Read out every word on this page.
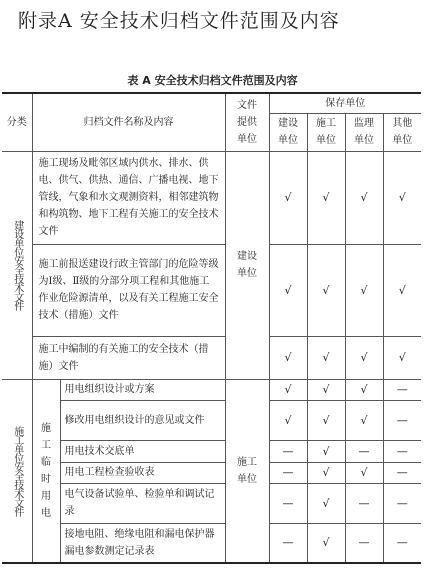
附录A 安全技术归档文件范围及内容
表 A 安全技术归档文件范围及内容
分类	归档文件名称及内容		文件提供单位	保存单位			
				建设单位	施工单位	监理单位	其他单位

建设单位安全技术文件	施工现场及毗邻区域内供水、排水、供电、供气、供热、通信、广播电视、地下管线，气象和水文观测资料，相邻建筑物和构筑物、地下工程有关施工的安全技术文件		建设单位	√	√	√	√
	施工前报送建设行政主管部门的危险等级为Ⅰ级、Ⅱ级的分部分项工程和其他施工作业危险源清单，以及有关工程施工安全技术（措施）文件			√	√	√	√
	施工中编制的有关施工的安全技术（措施）文件			√	√	√	√

施工单位安全技术文件	施工临时用电	用电组织设计或方案	施工单位	√	√	√	—
		修改用电组织设计的意见或文件		√	√	√	—
		用电技术交底单		—	√	—	—
		用电工程检查验收表		—	√	√	—
		电气设备试验单、检验单和调试记录		—	√	—	—
		接地电阻、绝缘电阻和漏电保护器漏电参数测定记录表		—	√	—	—
